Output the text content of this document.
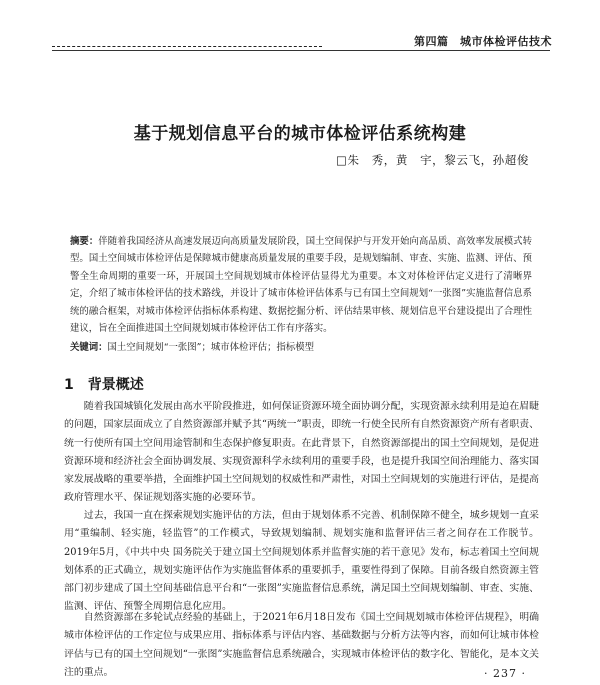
第四篇　城市体检评估技术
基于规划信息平台的城市体检评估系统构建
□朱　秀，黄　宇，黎云飞，孙超俊
摘要：伴随着我国经济从高速发展迈向高质量发展阶段，国土空间保护与开发开始向高品质、高效率发展模式转型。国土空间城市体检评估是保障城市健康高质量发展的重要手段，是规划编制、审查、实施、监测、评估、预警全生命周期的重要一环，开展国土空间规划城市体检评估显得尤为重要。本文对体检评估定义进行了清晰界定，介绍了城市体检评估的技术路线，并设计了城市体检评估体系与已有国土空间规划“一张图”实施监督信息系统的融合框架，对城市体检评估指标体系构建、数据挖掘分析、评估结果审核、规划信息平台建设提出了合理性建议，旨在全面推进国土空间规划城市体检评估工作有序落实。
关键词：国土空间规划“一张图”；城市体检评估；指标模型
1 背景概述

随着我国城镇化发展由高水平阶段推进，如何保证资源环境全面协调分配，实现资源永续利用是迫在眉睫的问题，国家层面成立了自然资源部并赋予其“两统一”职责，即统一行使全民所有自然资源资产所有者职责、统一行使所有国土空间用途管制和生态保护修复职责。在此背景下，自然资源部提出的国土空间规划，是促进资源环境和经济社会全面协调发展、实现资源科学永续利用的重要手段，也是提升我国空间治理能力、落实国家发展战略的重要举措，全面维护国土空间规划的权威性和严肃性，对国土空间规划的实施进行评估，是提高政府管理水平、保证规划落实施的必要环节。

过去，我国一直在探索规划实施评估的方法，但由于规划体系不完善、机制保障不健全，城乡规划一直采用“重编制、轻实施，轻监管”的工作模式，导致规划编制、规划实施和监督评估三者之间存在工作脱节。2019年5月，《中共中央 国务院关于建立国土空间规划体系并监督实施的若干意见》发布，标志着国土空间规划体系的正式确立，规划实施评估作为实施监督体系的重要抓手，重要性得到了保障。目前各级自然资源主管部门初步建成了国土空间基础信息平台和“一张图”实施监督信息系统，满足国土空间规划编制、审查、实施、监测、评估、预警全周期信息化应用。

自然资源部在多轮试点经验的基础上，于2021年6月18日发布《国土空间规划城市体检评估规程》，明确城市体检评估的工作定位与成果应用、指标体系与评估内容、基础数据与分析方法等内容，而如何让城市体检评估与已有的国土空间规划“一张图”实施监督信息系统融合，实现城市体检评估的数字化、智能化，是本文关注的重点。	· 237 ·
